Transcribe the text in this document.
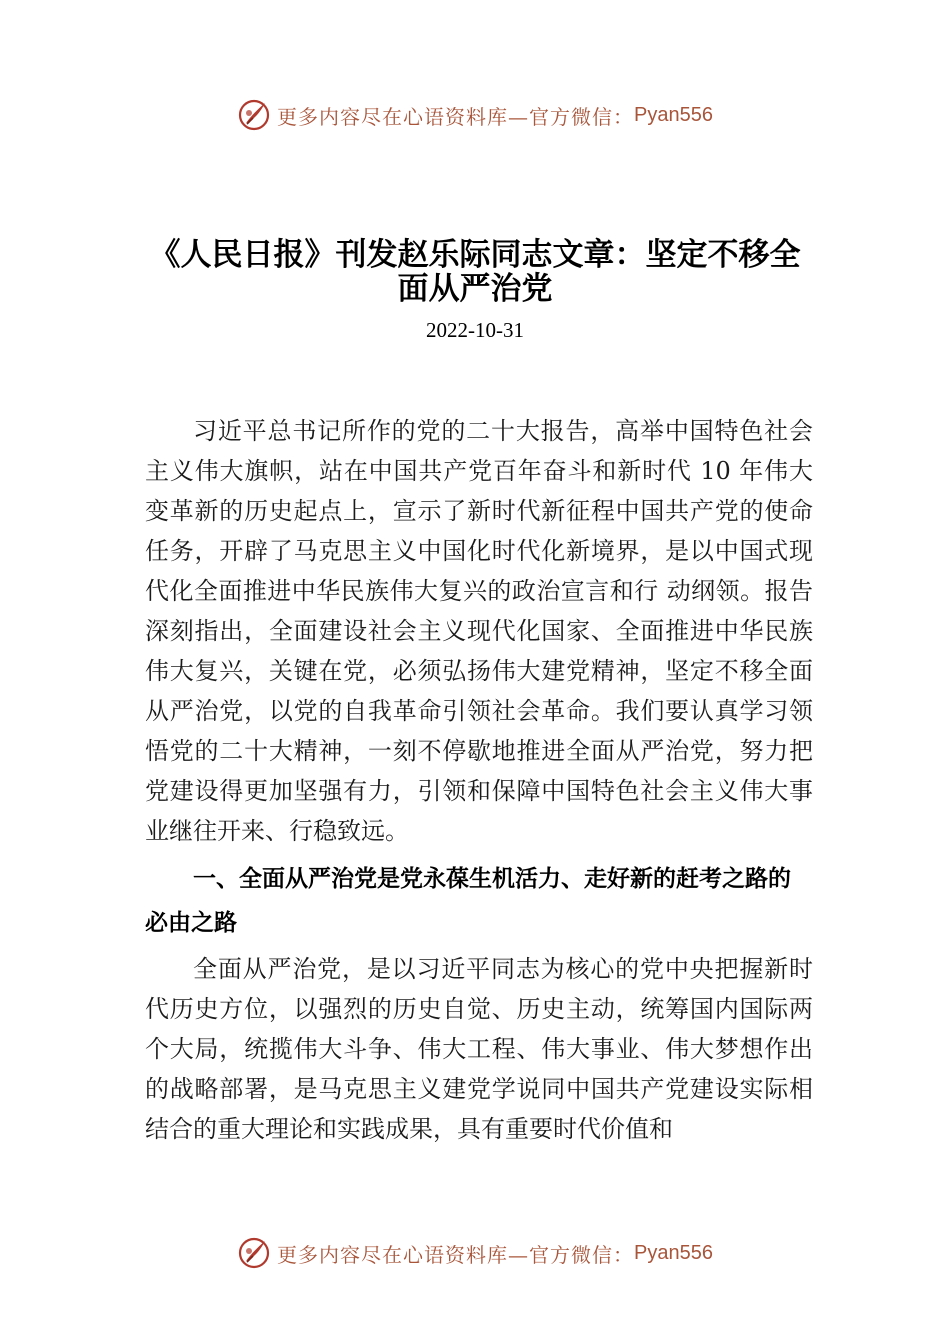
更多内容尽在心语资料库—官方微信： Pyan556
《人民日报》刊发赵乐际同志文章：坚定不移全面从严治党
2022-10-31

习近平总书记所作的党的二十大报告，高举中国特色社会主义伟大旗帜，站在中国共产党百年奋斗和新时代 10 年伟大变革新的历史起点上，宣示了新时代新征程中国共产党的使命任务，开辟了马克思主义中国化时代化新境界，是以中国式现代化全面推进中华民族伟大复兴的政治宣言和行 动纲领。报告深刻指出，全面建设社会主义现代化国家、全面推进中华民族伟大复兴，关键在党，必须弘扬伟大建党精神，坚定不移全面从严治党，以党的自我革命引领社会革命。我们要认真学习领悟党的二十大精神，一刻不停歇地推进全面从严治党，努力把党建设得更加坚强有力，引领和保障中国特色社会主义伟大事业继往开来、行稳致远。

一、全面从严治党是党永葆生机活力、走好新的赶考之路的必由之路

全面从严治党，是以习近平同志为核心的党中央把握新时代历史方位，以强烈的历史自觉、历史主动，统筹国内国际两个大局，统揽伟大斗争、伟大工程、伟大事业、伟大梦想作出的战略部署，是马克思主义建党学说同中国共产党建设实际相结合的重大理论和实践成果，具有重要时代价值和

更多内容尽在心语资料库—官方微信： Pyan556
